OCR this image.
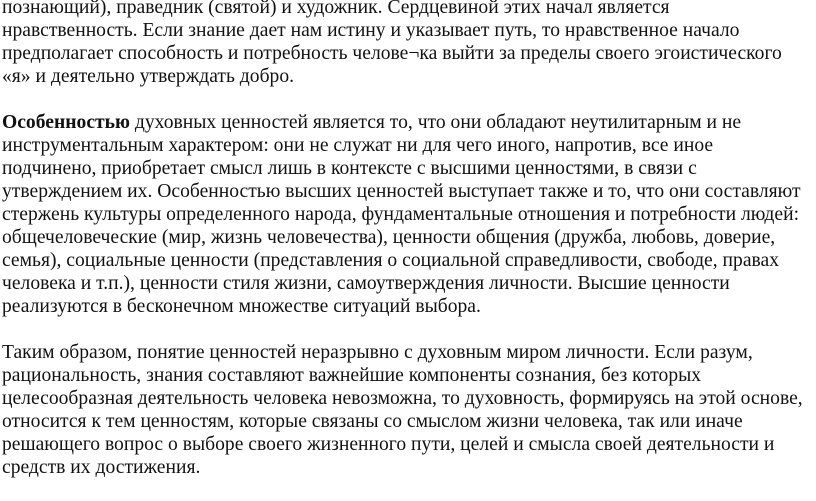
познающий), праведник (святой) и художник. Сердцевиной этих начал является
нравственность. Если знание дает нам истину и указывает путь, то нравственное начало
предполагает способность и потребность челове¬ка выйти за пределы своего эгоистического
«я» и деятельно утверждать добро.

Особенностью духовных ценностей является то, что они обладают неутилитарным и не
инструментальным характером: они не служат ни для чего иного, напротив, все иное
подчинено, приобретает смысл лишь в контексте с высшими ценностями, в связи с
утверждением их. Особенностью высших ценностей выступает также и то, что они составляют
стержень культуры определенного народа, фундаментальные отношения и потребности людей:
общечеловеческие (мир, жизнь человечества), ценности общения (дружба, любовь, доверие,
семья), социальные ценности (представления о социальной справедливости, свободе, правах
человека и т.п.), ценности стиля жизни, самоутверждения личности. Высшие ценности
реализуются в бесконечном множестве ситуаций выбора.

Таким образом, понятие ценностей неразрывно с духовным миром личности. Если разум,
рациональность, знания составляют важнейшие компоненты сознания, без которых
целесообразная деятельность человека невозможна, то духовность, формируясь на этой основе,
относится к тем ценностям, которые связаны со смыслом жизни человека, так или иначе
решающего вопрос о выборе своего жизненного пути, целей и смысла своей деятельности и
средств их достижения.
